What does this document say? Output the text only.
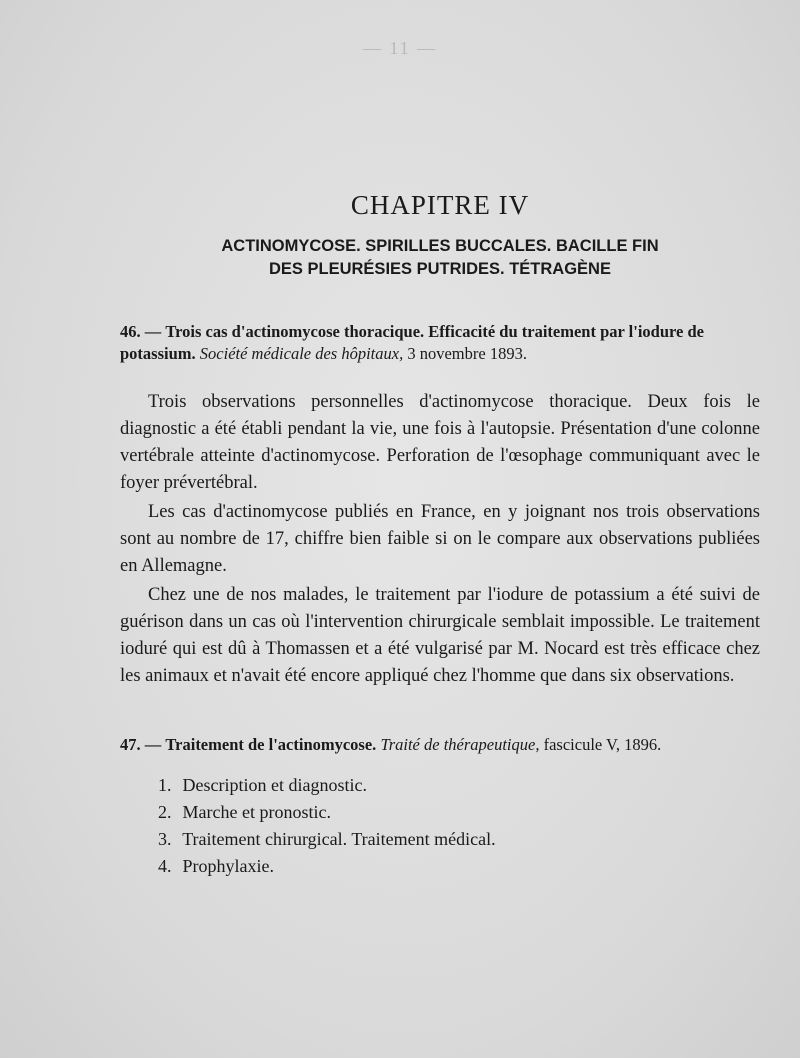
— 11 —
CHAPITRE IV
ACTINOMYCOSE. SPIRILLES BUCCALES. BACILLE FIN
DES PLEURÉSIES PUTRIDES. TÉTRAGÈNE

46. — Trois cas d'actinomycose thoracique. Efficacité du traitement par l'iodure de potassium. Société médicale des hôpitaux, 3 novembre 1893.

Trois observations personnelles d'actinomycose thoracique. Deux fois le diagnostic a été établi pendant la vie, une fois à l'autopsie. Présentation d'une colonne vertébrale atteinte d'actinomycose. Perforation de l'œsophage communiquant avec le foyer prévertébral.

Les cas d'actinomycose publiés en France, en y joignant nos trois observations sont au nombre de 17, chiffre bien faible si on le compare aux observations publiées en Allemagne.

Chez une de nos malades, le traitement par l'iodure de potassium a été suivi de guérison dans un cas où l'intervention chirurgicale semblait impossible. Le traitement ioduré qui est dû à Thomassen et a été vulgarisé par M. Nocard est très efficace chez les animaux et n'avait été encore appliqué chez l'homme que dans six observations.

47. — Traitement de l'actinomycose. Traité de thérapeutique, fascicule V, 1896.

1. Description et diagnostic.
2. Marche et pronostic.
3. Traitement chirurgical. Traitement médical.
4. Prophylaxie.
